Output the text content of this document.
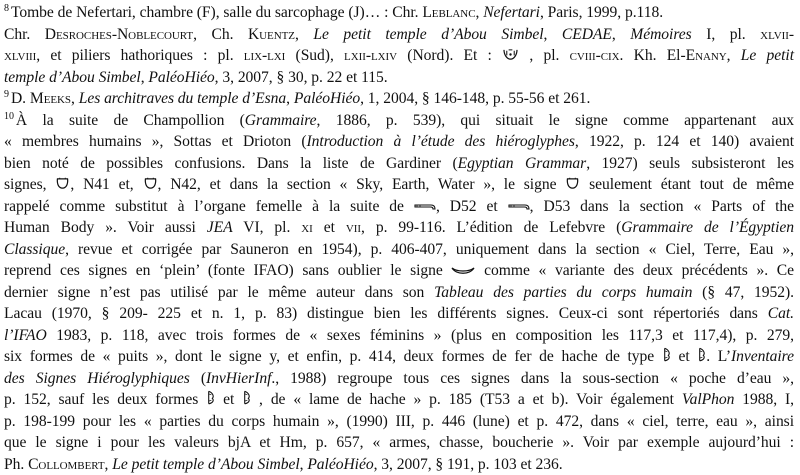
$^8$ Tombe de Nefertari, chambre (F), salle du sarcophage (J)… : Chr. Leblanc, Nefertari, Paris, 1999, p.118.
Chr. Desroches-Noblecourt, Ch. Kuentz, Le petit temple d’Abou Simbel, CEDAE, Mémoires I, pl. xlvii-
xlviii, et piliers hathoriques : pl. lix-lxi (Sud), lxii-lxiv (Nord). Et :
, pl. cviii-cix. Kh. El-Enany, Le petit
temple d’Abou Simbel, PaléoHiéo, 3, 2007, § 30, p. 22 et 115.
$^9$ D. Meeks, Les architraves du temple d’Esna, PaléoHiéo, 1, 2004, § 146-148, p. 55-56 et 261.
$^{10}$ À la suite de Champollion (Grammaire, 1886, p. 539), qui situait le signe comme appartenant aux
« membres humains », Sottas et Drioton (Introduction à l’étude des hiéroglyphes, 1922, p. 124 et 140) avaient
bien noté de possibles confusions. Dans la liste de Gardiner (Egyptian Grammar, 1927) seuls subsisteront les
signes,
, N41 et,
, N42, et dans la section « Sky, Earth, Water », le signe
seulement étant tout de même
rappelé comme substitut à l’organe femelle à la suite de
, D52 et
, D53 dans la section « Parts of the
Human Body ». Voir aussi JEA VI, pl. xi et vii, p. 99-116. L’édition de Lefebvre (Grammaire de l’Égyptien
Classique, revue et corrigée par Sauneron en 1954), p. 406-407, uniquement dans la section « Ciel, Terre, Eau »,
reprend ces signes en ‘plein’ (fonte IFAO) sans oublier le signe
comme « variante des deux précédents ». Ce
dernier signe n’est pas utilisé par le même auteur dans son Tableau des parties du corps humain (§ 47, 1952).
Lacau (1970, § 209- 225 et n. 1, p. 83) distingue bien les différents signes. Ceux-ci sont répertoriés dans Cat.
l’IFAO 1983, p. 118, avec trois formes de « sexes féminins » (plus en composition les 117,3 et 117,4), p. 279,
six formes de « puits », dont le signe y, et enfin, p. 414, deux formes de fer de hache de type
et
. L’Inventaire
des Signes Hiéroglyphiques (InvHierInf., 1988) regroupe tous ces signes dans la sous-section « poche d’eau »,
p. 152, sauf les deux formes
et
, de « lame de hache » p. 185 (T53 a et b). Voir également ValPhon 1988, I,
p. 198-199 pour les « parties du corps humain », (1990) III, p. 446 (lune) et p. 472, dans « ciel, terre, eau », ainsi
que le signe i pour les valeurs bjA et Hm, p. 657, « armes, chasse, boucherie ». Voir par exemple aujourd’hui :
Ph. Collombert, Le petit temple d’Abou Simbel, PaléoHiéo, 3, 2007, § 191, p. 103 et 236.
